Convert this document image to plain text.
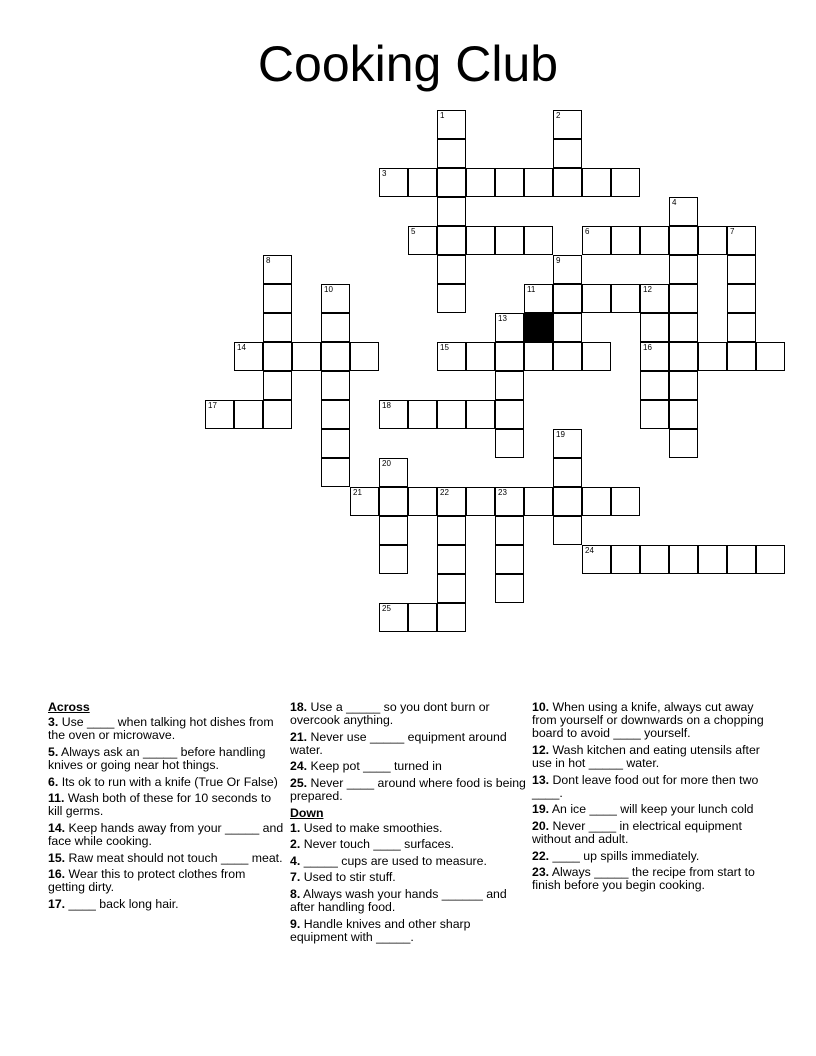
Cooking Club
1	2
3
4
5	6	7
8	9
10	11	12
13
14	15	16
17	18
19
20
21	22	23
24
25
Across
3. Use ____ when talking hot dishes from the oven or microwave.
5. Always ask an _____ before handling knives or going near hot things.
6. Its ok to run with a knife (True Or False)
11. Wash both of these for 10 seconds to kill germs.
14. Keep hands away from your _____ and face while cooking.
15. Raw meat should not touch ____ meat.
16. Wear this to protect clothes from getting dirty.
17. ____ back long hair.
18. Use a _____ so you dont burn or overcook anything.
21. Never use _____ equipment around water.
24. Keep pot ____ turned in
25. Never ____ around where food is being prepared.
Down
1. Used to make smoothies.
2. Never touch ____ surfaces.
4. _____ cups are used to measure.
7. Used to stir stuff.
8. Always wash your hands ______ and after handling food.
9. Handle knives and other sharp equipment with _____.
10. When using a knife, always cut away from yourself or downwards on a chopping board to avoid ____ yourself.
12. Wash kitchen and eating utensils after use in hot _____ water.
13. Dont leave food out for more then two ____.
19. An ice ____ will keep your lunch cold
20. Never ____ in electrical equipment without and adult.
22. ____ up spills immediately.
23. Always _____ the recipe from start to finish before you begin cooking.
